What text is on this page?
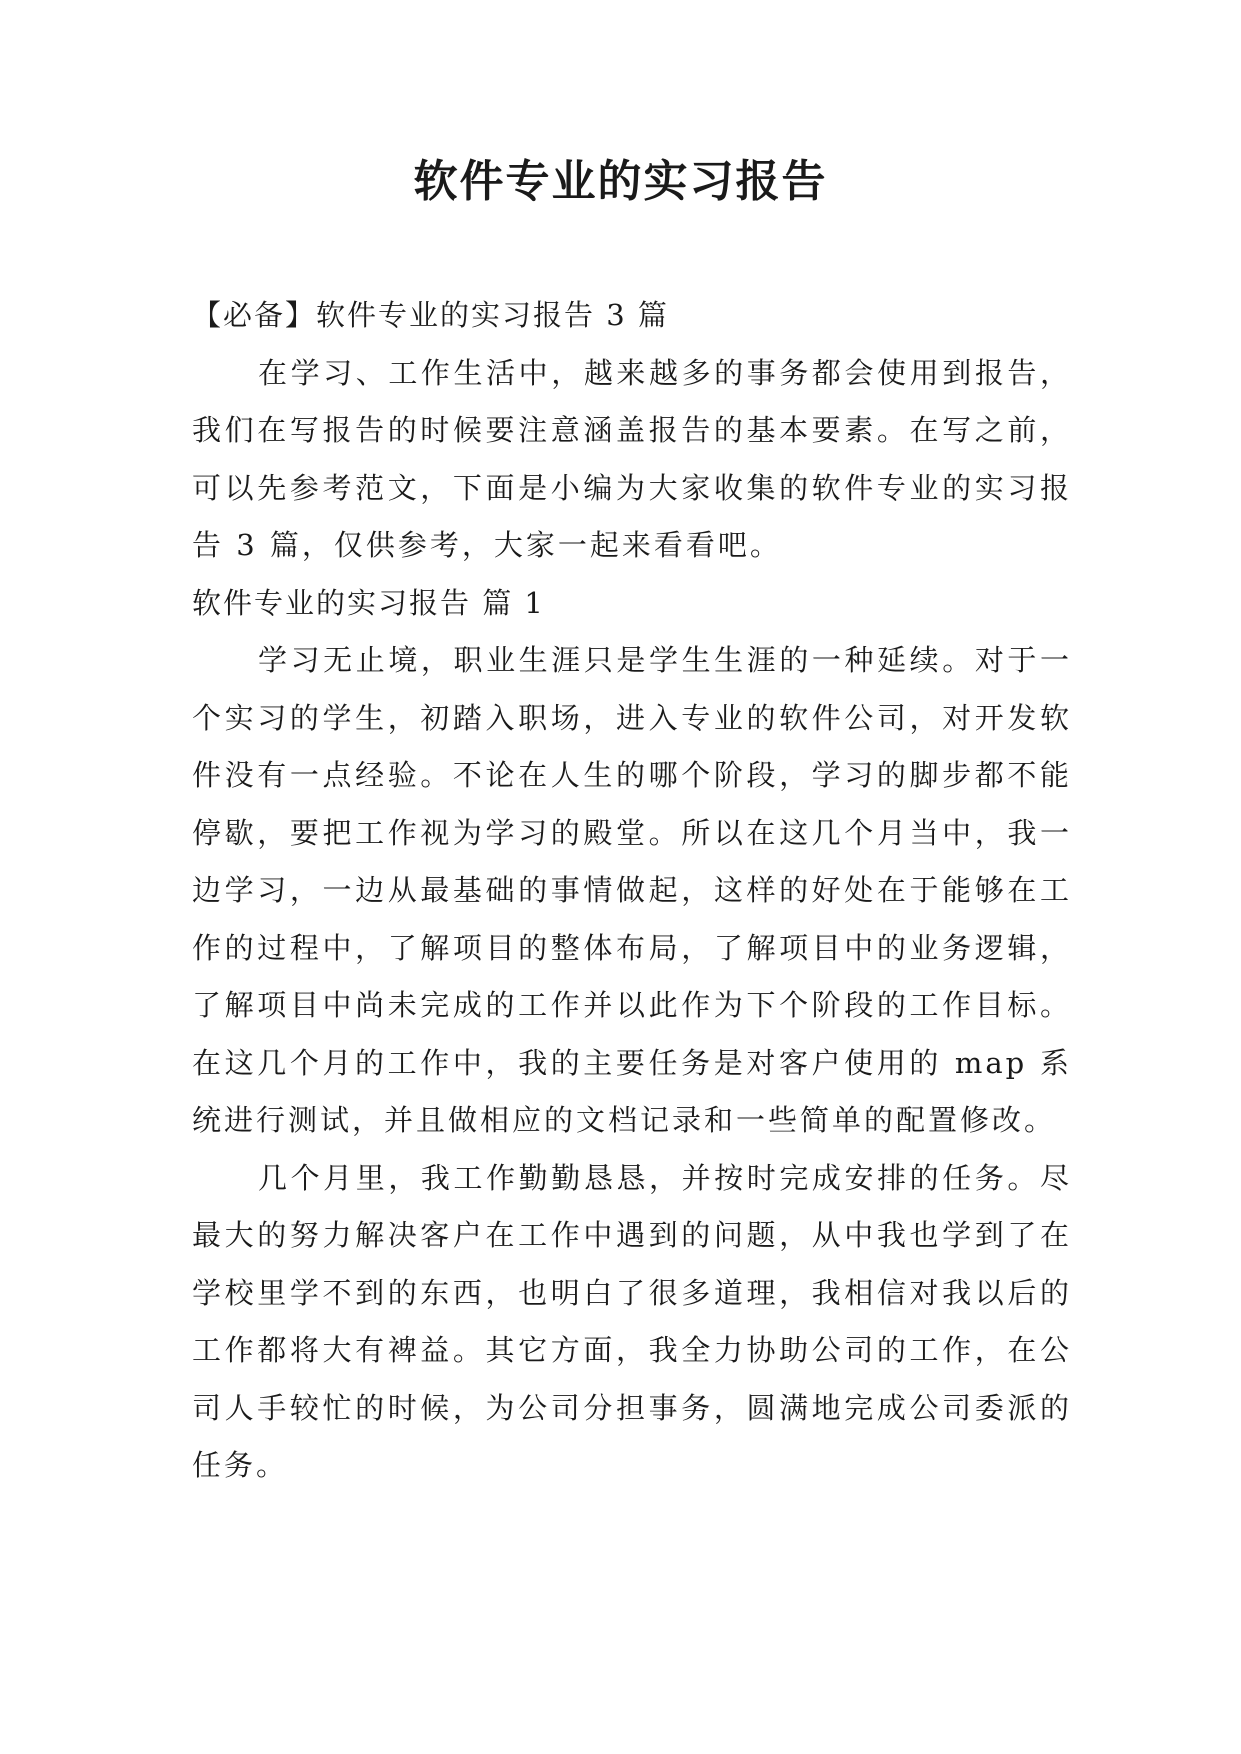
软件专业的实习报告

【必备】软件专业的实习报告 3 篇

在学习、工作生活中，越来越多的事务都会使用到报告，我们在写报告的时候要注意涵盖报告的基本要素。在写之前，可以先参考范文，下面是小编为大家收集的软件专业的实习报告 3 篇，仅供参考，大家一起来看看吧。

软件专业的实习报告 篇 1

学习无止境，职业生涯只是学生生涯的一种延续。对于一个实习的学生，初踏入职场，进入专业的软件公司，对开发软件没有一点经验。不论在人生的哪个阶段，学习的脚步都不能停歇，要把工作视为学习的殿堂。所以在这几个月当中，我一边学习，一边从最基础的事情做起，这样的好处在于能够在工作的过程中，了解项目的整体布局，了解项目中的业务逻辑，了解项目中尚未完成的工作并以此作为下个阶段的工作目标。在这几个月的工作中，我的主要任务是对客户使用的 map 系统进行测试，并且做相应的文档记录和一些简单的配置修改。

几个月里，我工作勤勤恳恳，并按时完成安排的任务。尽最大的努力解决客户在工作中遇到的问题，从中我也学到了在学校里学不到的东西，也明白了很多道理，我相信对我以后的工作都将大有裨益。其它方面，我全力协助公司的工作，在公司人手较忙的时候，为公司分担事务，圆满地完成公司委派的任务。
